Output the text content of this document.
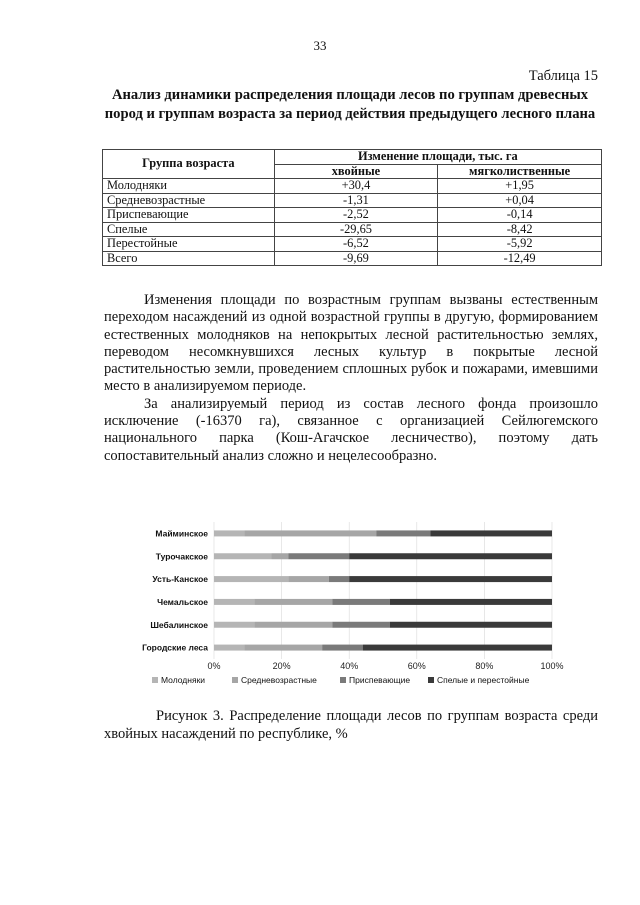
33
Таблица 15
Анализ динамики распределения площади лесов по группам древесных пород и группам возраста за период действия предыдущего лесного плана
Группа возраста	Изменение площади, тыс. га	
	хвойные	мягколиственные
Молодняки	+30,4	+1,95
Средневозрастные	-1,31	+0,04
Приспевающие	-2,52	-0,14
Спелые	-29,65	-8,42
Перестойные	-6,52	-5,92
Всего	-9,69	-12,49

Изменения площади по возрастным группам вызваны естественным переходом насаждений из одной возрастной группы в другую, формированием естественных молодняков на непокрытых лесной растительностью землях, переводом несомкнувшихся лесных культур в покрытые лесной растительностью земли, проведением сплошных рубок и пожарами, имевшими место в анализируемом периоде.

За анализируемый период из состав лесного фонда произошло исключение (-16370 га), связанное с организацией Сейлюгемского национального парка (Кош-Агачское лесничество), поэтому дать сопоставительный анализ сложно и нецелесообразно.

0%	20%	40%	60%	80%	100%
Майминское
Турочакское
Усть-Канское
Чемальское
Шебалинское
Городские леса
Молодняки	Средневозрастные	Приспевающие	Спелые и перестойные
Рисунок 3. Распределение площади лесов по группам возраста среди хвойных насаждений по республике, %
